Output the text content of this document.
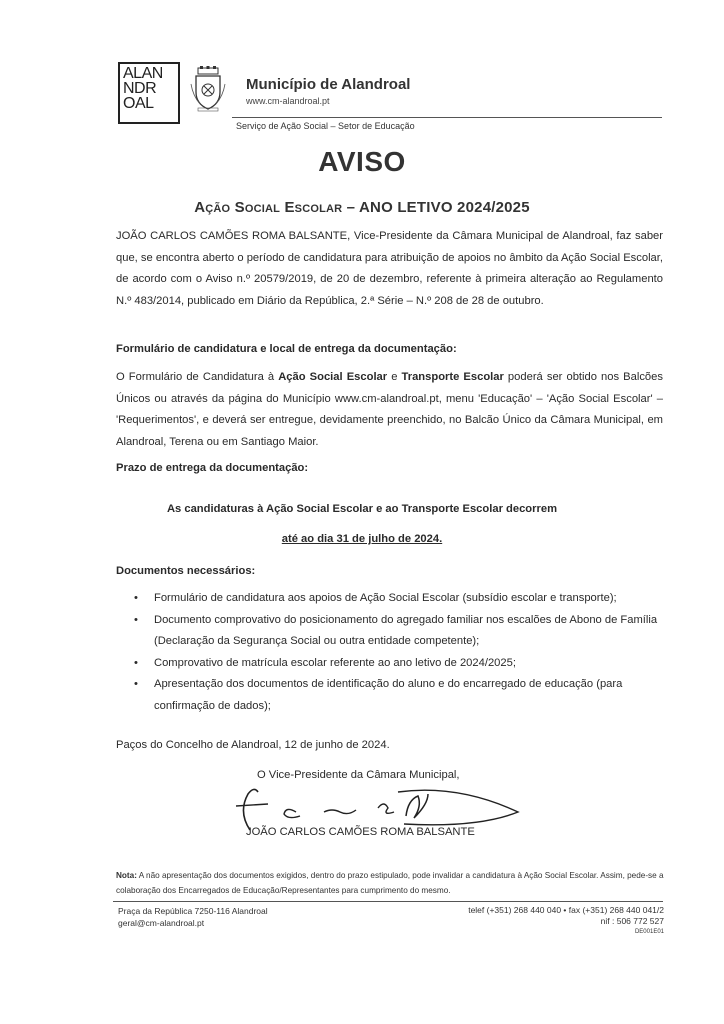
ALAN
NDR
OAL
Município de Alandroal
www.cm-alandroal.pt
Serviço de Ação Social – Setor de Educação
AVISO
Ação Social Escolar – ANO LETIVO 2024/2025
JOÃO CARLOS CAMÕES ROMA BALSANTE, Vice-Presidente da Câmara Municipal de Alandroal, faz saber que, se encontra aberto o período de candidatura para atribuição de apoios no âmbito da Ação Social Escolar, de acordo com o Aviso n.º 20579/2019, de 20 de dezembro, referente à primeira alteração ao Regulamento N.º 483/2014, publicado em Diário da República, 2.ª Série – N.º 208 de 28 de outubro.
Formulário de candidatura e local de entrega da documentação:
O Formulário de Candidatura à Ação Social Escolar e Transporte Escolar poderá ser obtido nos Balcões Únicos ou através da página do Município www.cm-alandroal.pt, menu 'Educação' – 'Ação Social Escolar' – 'Requerimentos', e deverá ser entregue, devidamente preenchido, no Balcão Único da Câmara Municipal, em Alandroal, Terena ou em Santiago Maior.
Prazo de entrega da documentação:
As candidaturas à Ação Social Escolar e ao Transporte Escolar decorrem
até ao dia 31 de julho de 2024.
Documentos necessários:
• Formulário de candidatura aos apoios de Ação Social Escolar (subsídio escolar e transporte);
• Documento comprovativo do posicionamento do agregado familiar nos escalões de Abono de Família (Declaração da Segurança Social ou outra entidade competente);
• Comprovativo de matrícula escolar referente ao ano letivo de 2024/2025;
• Apresentação dos documentos de identificação do aluno e do encarregado de educação (para confirmação de dados);
Paços do Concelho de Alandroal, 12 de junho de 2024.
O Vice-Presidente da Câmara Municipal,
JOÃO CARLOS CAMÕES ROMA BALSANTE
Nota: A não apresentação dos documentos exigidos, dentro do prazo estipulado, pode invalidar a candidatura à Ação Social Escolar. Assim, pede-se a colaboração dos Encarregados de Educação/Representantes para cumprimento do mesmo.
Praça da República 7250-116 Alandroal
geral@cm-alandroal.pt
telef (+351) 268 440 040 • fax (+351) 268 440 041/2
nif : 506 772 527
DE001E01
